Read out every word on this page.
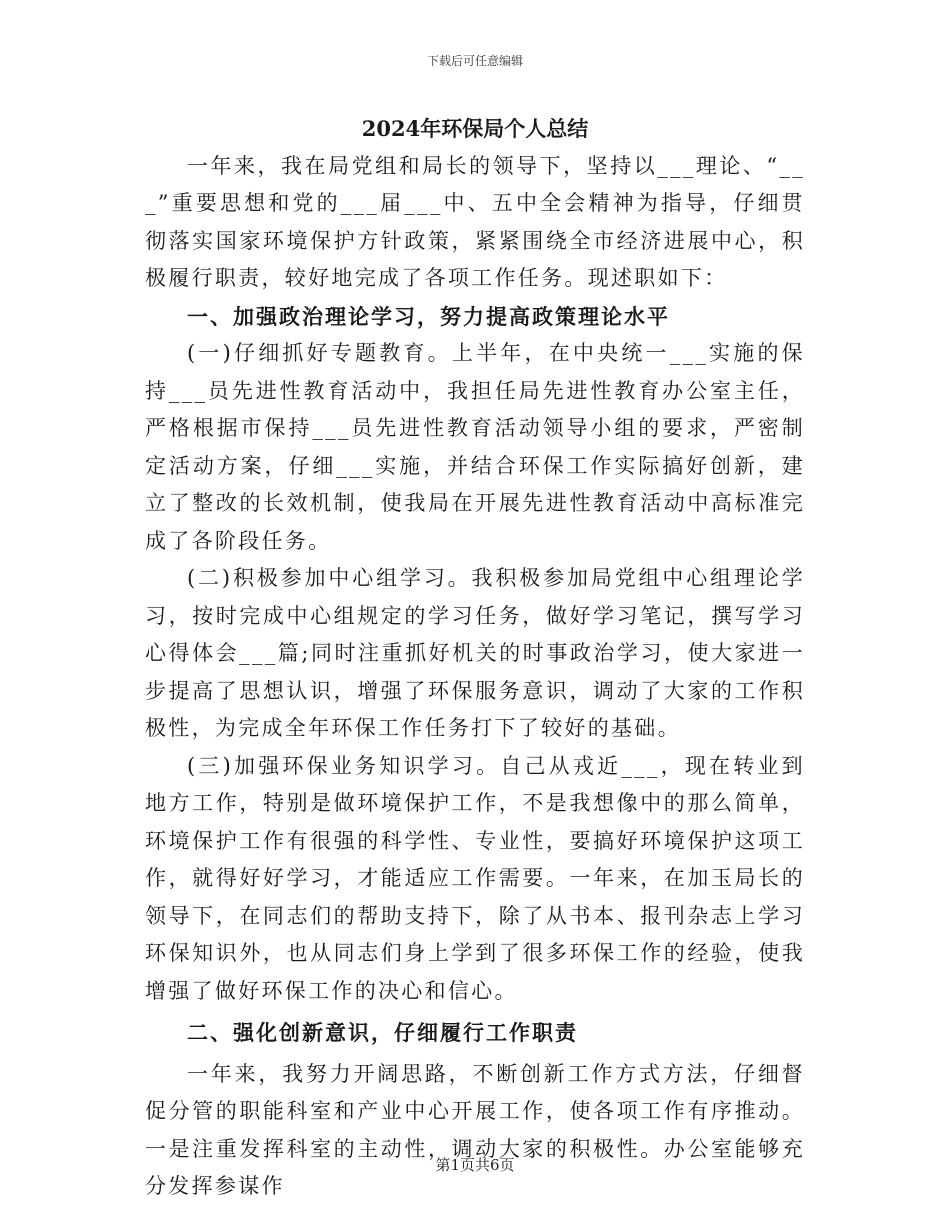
下载后可任意编辑

2024年环保局个人总结

一年来，我在局党组和局长的领导下，坚持以___理论、“___”重要思想和党的___届___中、五中全会精神为指导，仔细贯彻落实国家环境保护方针政策，紧紧围绕全市经济进展中心，积极履行职责，较好地完成了各项工作任务。现述职如下：

一、加强政治理论学习，努力提高政策理论水平

(一)仔细抓好专题教育。上半年，在中央统一___实施的保持___员先进性教育活动中，我担任局先进性教育办公室主任，严格根据市保持___员先进性教育活动领导小组的要求，严密制定活动方案，仔细___实施，并结合环保工作实际搞好创新，建立了整改的长效机制，使我局在开展先进性教育活动中高标准完成了各阶段任务。

(二)积极参加中心组学习。我积极参加局党组中心组理论学习，按时完成中心组规定的学习任务，做好学习笔记，撰写学习心得体会___篇;同时注重抓好机关的时事政治学习，使大家进一步提高了思想认识，增强了环保服务意识，调动了大家的工作积极性，为完成全年环保工作任务打下了较好的基础。

(三)加强环保业务知识学习。自己从戎近___，现在转业到地方工作，特别是做环境保护工作，不是我想像中的那么简单，环境保护工作有很强的科学性、专业性，要搞好环境保护这项工作，就得好好学习，才能适应工作需要。一年来，在加玉局长的领导下，在同志们的帮助支持下，除了从书本、报刊杂志上学习环保知识外，也从同志们身上学到了很多环保工作的经验，使我增强了做好环保工作的决心和信心。

二、强化创新意识，仔细履行工作职责

一年来，我努力开阔思路，不断创新工作方式方法，仔细督促分管的职能科室和产业中心开展工作，使各项工作有序推动。一是注重发挥科室的主动性，调动大家的积极性。办公室能够充分发挥参谋作

第1页共6页
